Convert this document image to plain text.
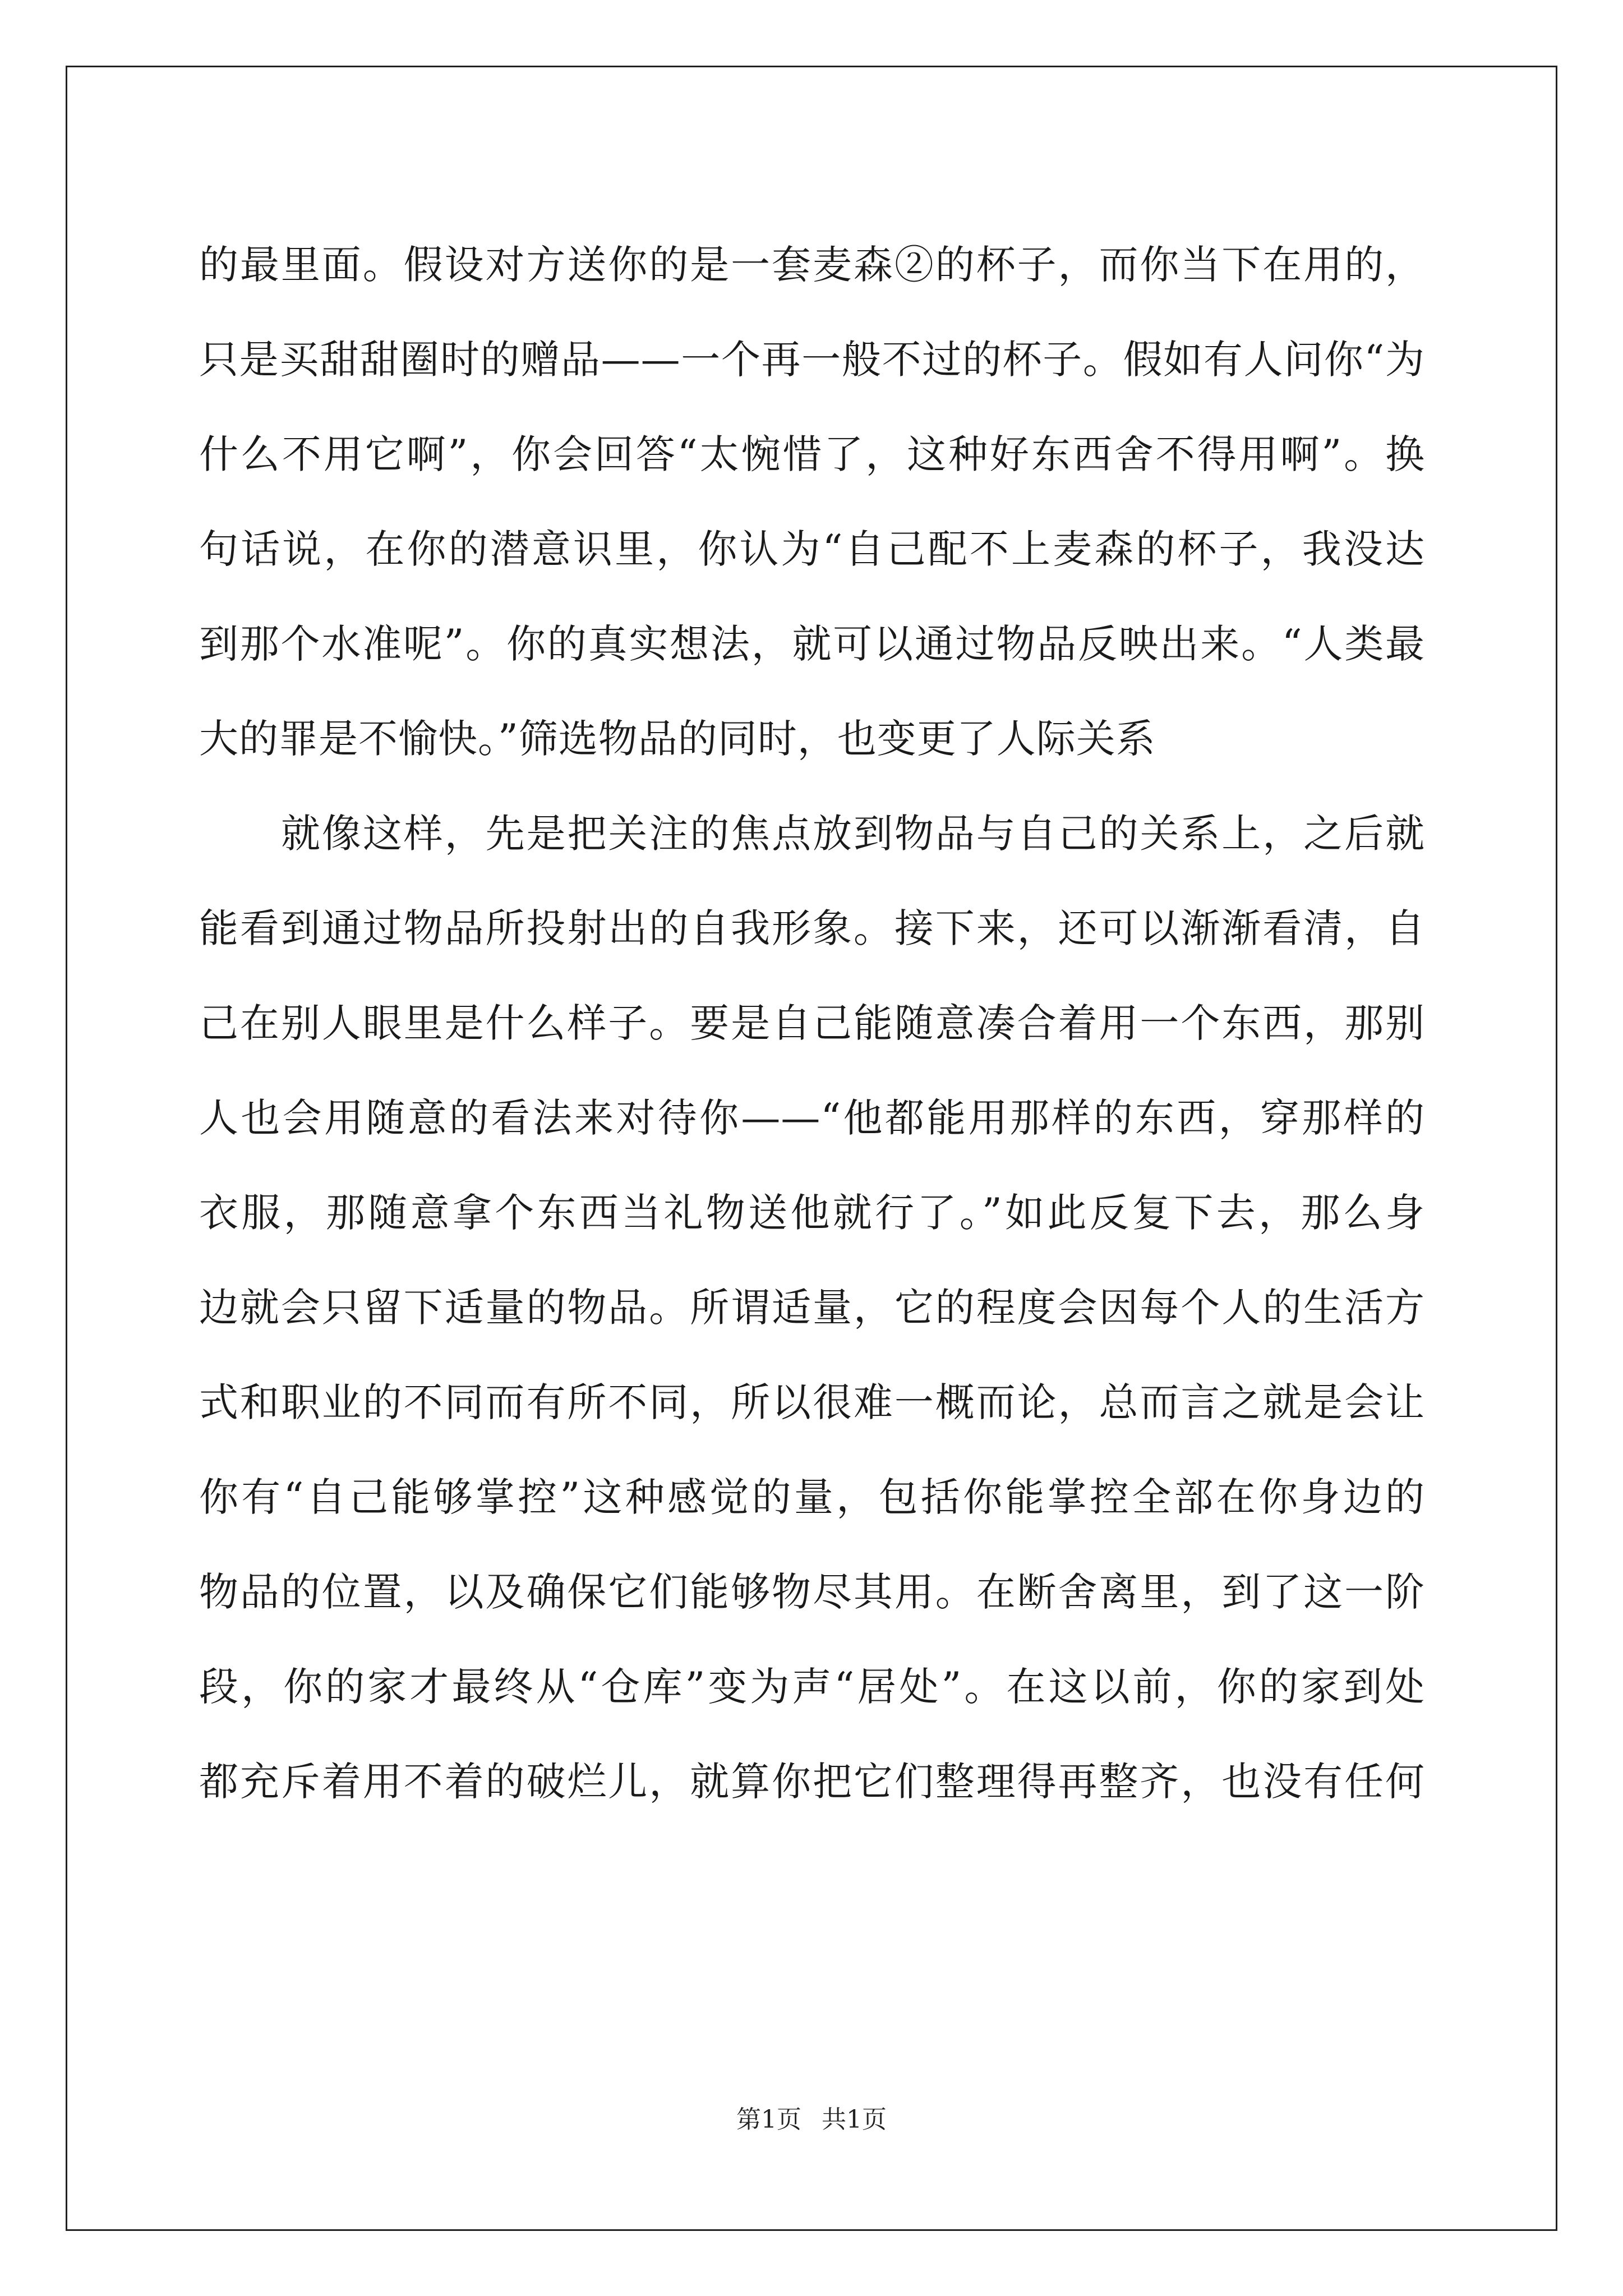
的最里面。假设对方送你的是一套麦森②的杯子，而你当下在用的，
只是买甜甜圈时的赠品——一个再一般不过的杯子。假如有人问你“为
什么不用它啊”，你会回答“太惋惜了，这种好东西舍不得用啊”。换
句话说，在你的潜意识里，你认为“自己配不上麦森的杯子，我没达
到那个水准呢”。你的真实想法，就可以通过物品反映出来。“人类最
大的罪是不愉快。”筛选物品的同时，也变更了人际关系
就像这样，先是把关注的焦点放到物品与自己的关系上，之后就
能看到通过物品所投射出的自我形象。接下来，还可以渐渐看清，自
己在别人眼里是什么样子。要是自己能随意凑合着用一个东西，那别
人也会用随意的看法来对待你——“他都能用那样的东西，穿那样的
衣服，那随意拿个东西当礼物送他就行了。”如此反复下去，那么身
边就会只留下适量的物品。所谓适量，它的程度会因每个人的生活方
式和职业的不同而有所不同，所以很难一概而论，总而言之就是会让
你有“自己能够掌控”这种感觉的量，包括你能掌控全部在你身边的
物品的位置，以及确保它们能够物尽其用。在断舍离里，到了这一阶
段，你的家才最终从“仓库”变为声“居处”。在这以前，你的家到处
都充斥着用不着的破烂儿，就算你把它们整理得再整齐，也没有任何
第1页 共1页
